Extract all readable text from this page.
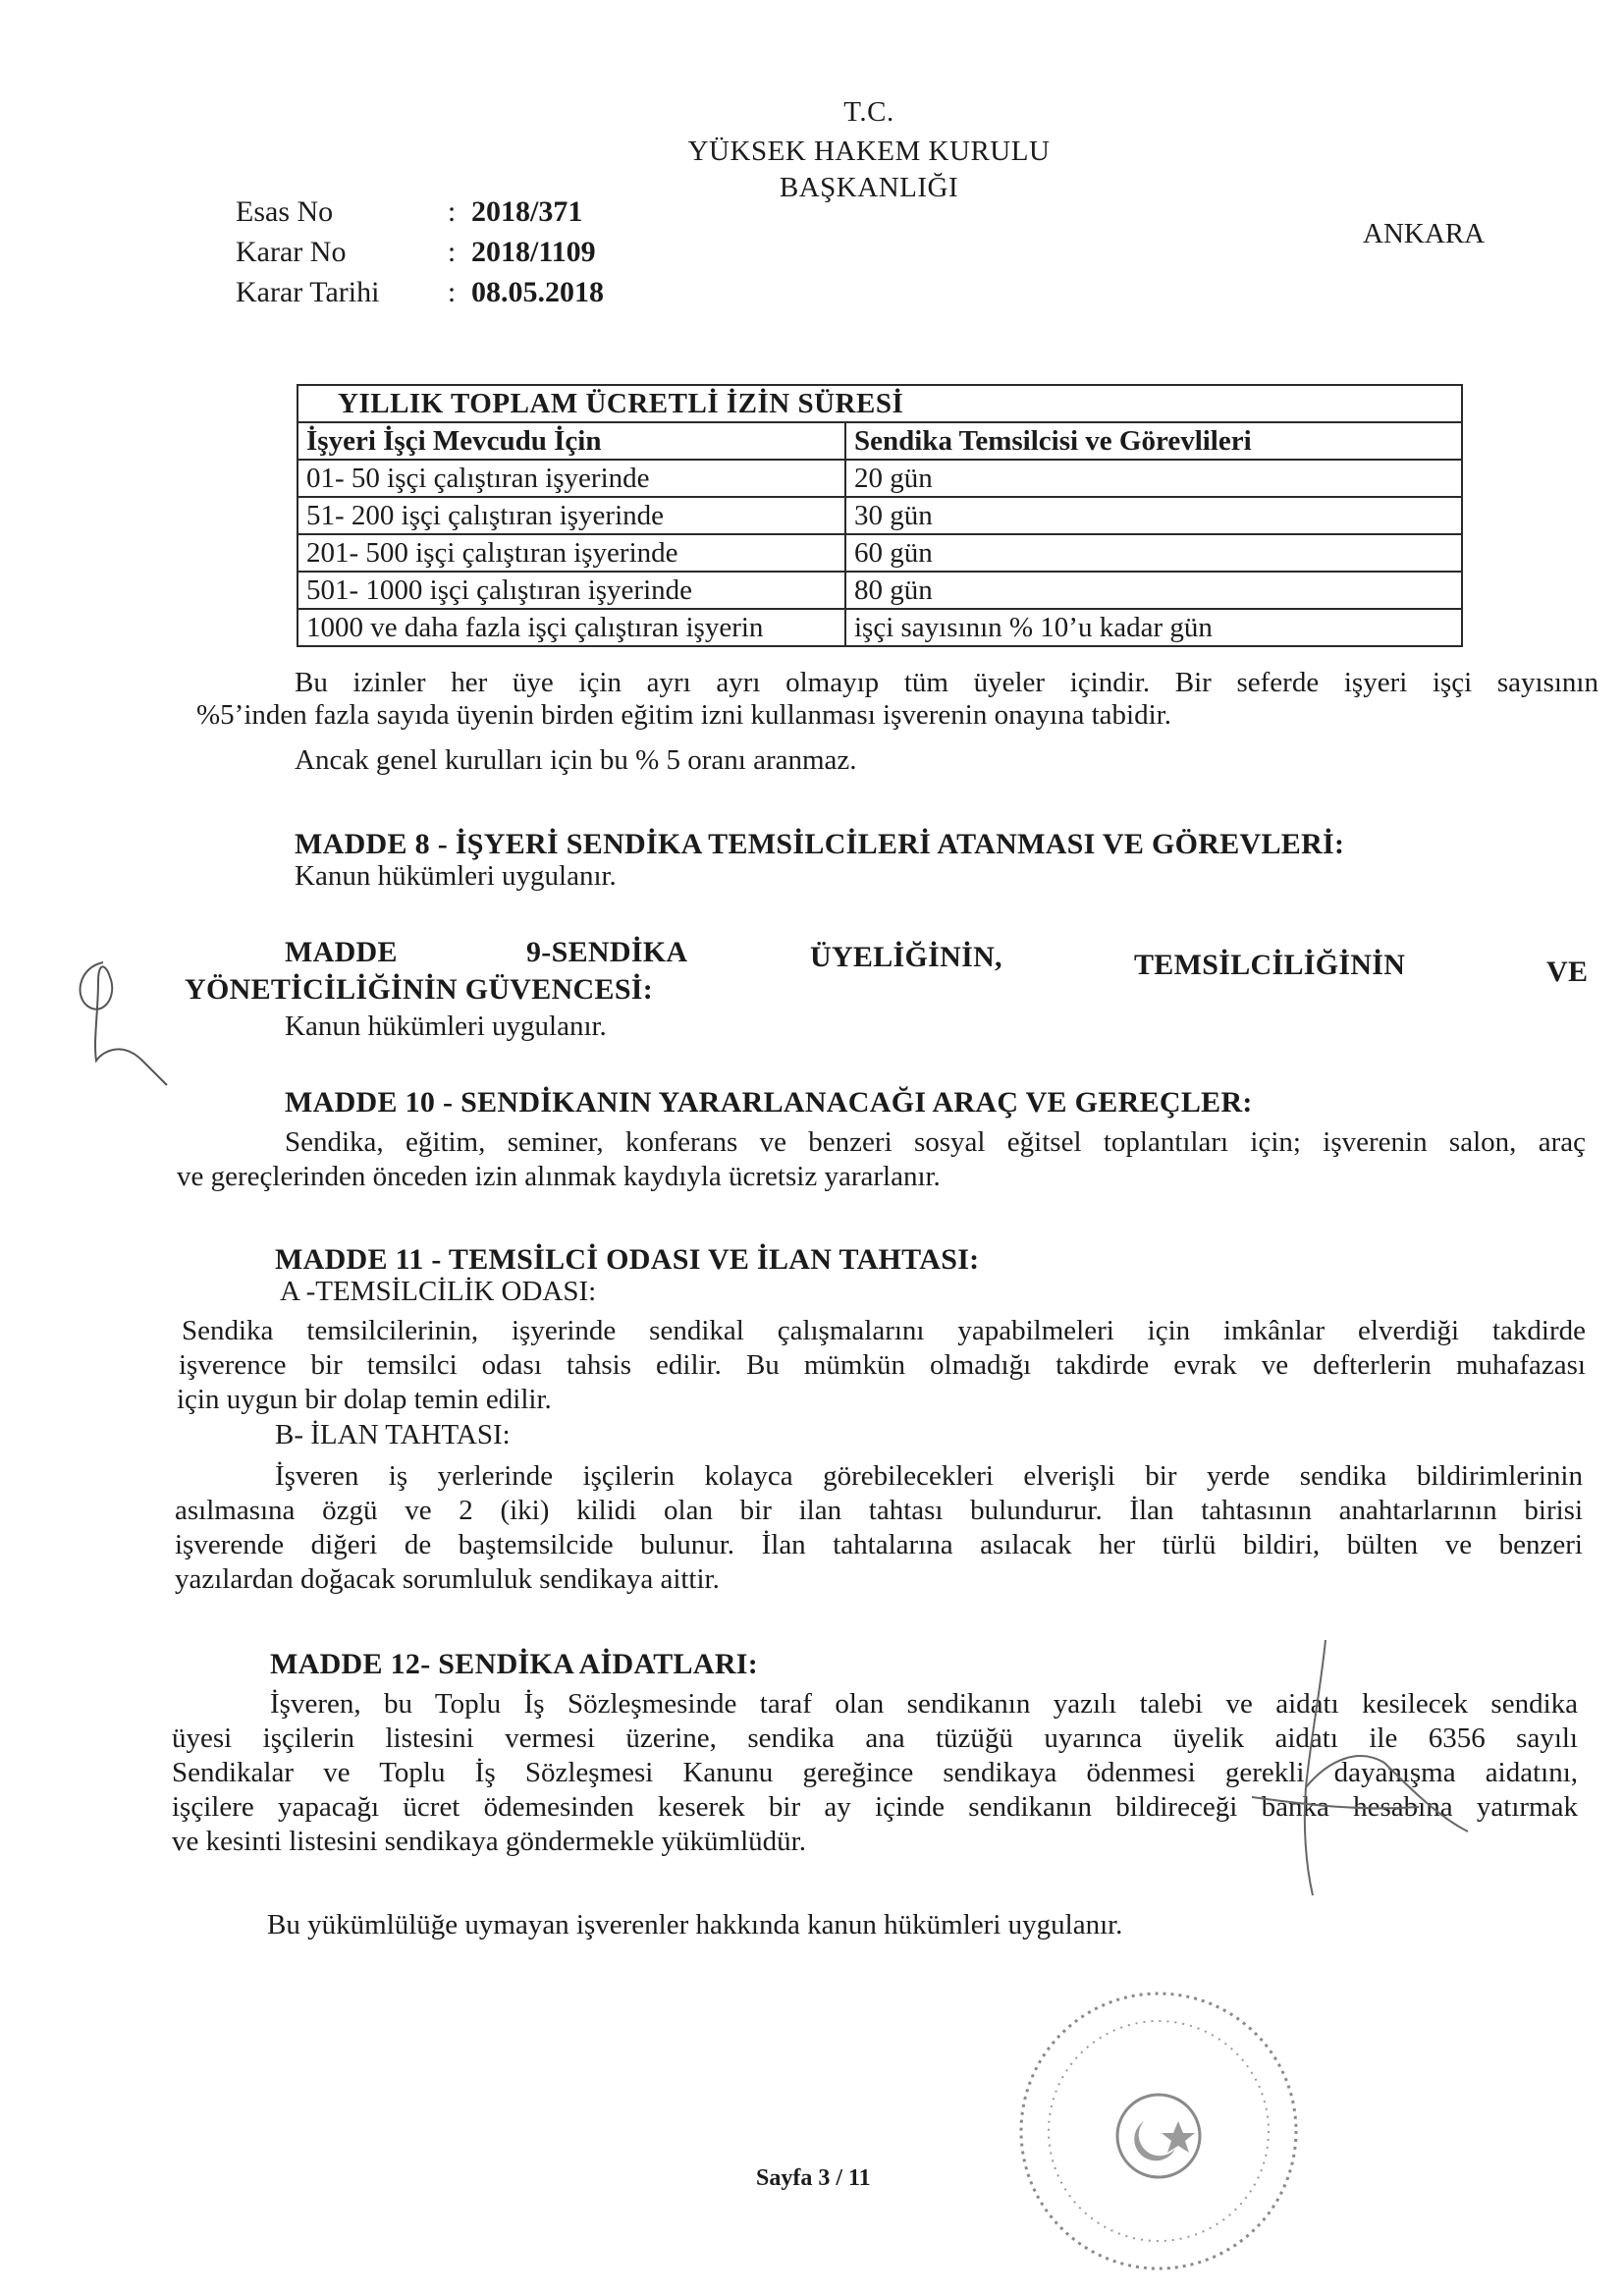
T.C.
YÜKSEK HAKEM KURULU
BAŞKANLIĞI
ANKARA
Esas No	: 2018/371
Karar No	: 2018/1109
Karar Tarihi	: 08.05.2018
YILLIK TOPLAM ÜCRETLİ İZİN SÜRESİ	
İşyeri İşçi Mevcudu İçin	Sendika Temsilcisi ve Görevlileri
01- 50 işçi çalıştıran işyerinde	20 gün
51- 200 işçi çalıştıran işyerinde	30 gün
201- 500 işçi çalıştıran işyerinde	60 gün
501- 1000 işçi çalıştıran işyerinde	80 gün
1000 ve daha fazla işçi çalıştıran işyerin	işçi sayısının % 10’u kadar gün
Bu izinler her üye için ayrı ayrı olmayıp tüm üyeler içindir. Bir seferde işyeri işçi sayısının
%5’inden fazla sayıda üyenin birden eğitim izni kullanması işverenin onayına tabidir.
Ancak genel kurulları için bu % 5 oranı aranmaz.
MADDE 8 - İŞYERİ SENDİKA TEMSİLCİLERİ ATANMASI VE GÖREVLERİ:
Kanun hükümleri uygulanır.
MADDE	9-SENDİKA	ÜYELİĞİNİN,	TEMSİLCİLİĞİNİN	VE
YÖNETİCİLİĞİNİN GÜVENCESİ:
Kanun hükümleri uygulanır.
MADDE 10 - SENDİKANIN YARARLANACAĞI ARAÇ VE GEREÇLER:
Sendika, eğitim, seminer, konferans ve benzeri sosyal eğitsel toplantıları için; işverenin salon, araç
ve gereçlerinden önceden izin alınmak kaydıyla ücretsiz yararlanır.
MADDE 11 - TEMSİLCİ ODASI VE İLAN TAHTASI:
A -TEMSİLCİLİK ODASI:
Sendika temsilcilerinin, işyerinde sendikal çalışmalarını yapabilmeleri için imkânlar elverdiği takdirde
işverence bir temsilci odası tahsis edilir. Bu mümkün olmadığı takdirde evrak ve defterlerin muhafazası
için uygun bir dolap temin edilir.
B- İLAN TAHTASI:
İşveren iş yerlerinde işçilerin kolayca görebilecekleri elverişli bir yerde sendika bildirimlerinin
asılmasına özgü ve 2 (iki) kilidi olan bir ilan tahtası bulundurur. İlan tahtasının anahtarlarının birisi
işverende diğeri de baştemsilcide bulunur. İlan tahtalarına asılacak her türlü bildiri, bülten ve benzeri
yazılardan doğacak sorumluluk sendikaya aittir.
MADDE 12- SENDİKA AİDATLARI:
İşveren, bu Toplu İş Sözleşmesinde taraf olan sendikanın yazılı talebi ve aidatı kesilecek sendika
üyesi işçilerin listesini vermesi üzerine, sendika ana tüzüğü uyarınca üyelik aidatı ile 6356 sayılı
Sendikalar ve Toplu İş Sözleşmesi Kanunu gereğince sendikaya ödenmesi gerekli dayanışma aidatını,
işçilere yapacağı ücret ödemesinden keserek bir ay içinde sendikanın bildireceği banka hesabına yatırmak
ve kesinti listesini sendikaya göndermekle yükümlüdür.
Bu yükümlülüğe uymayan işverenler hakkında kanun hükümleri uygulanır.
Sayfa 3 / 11
